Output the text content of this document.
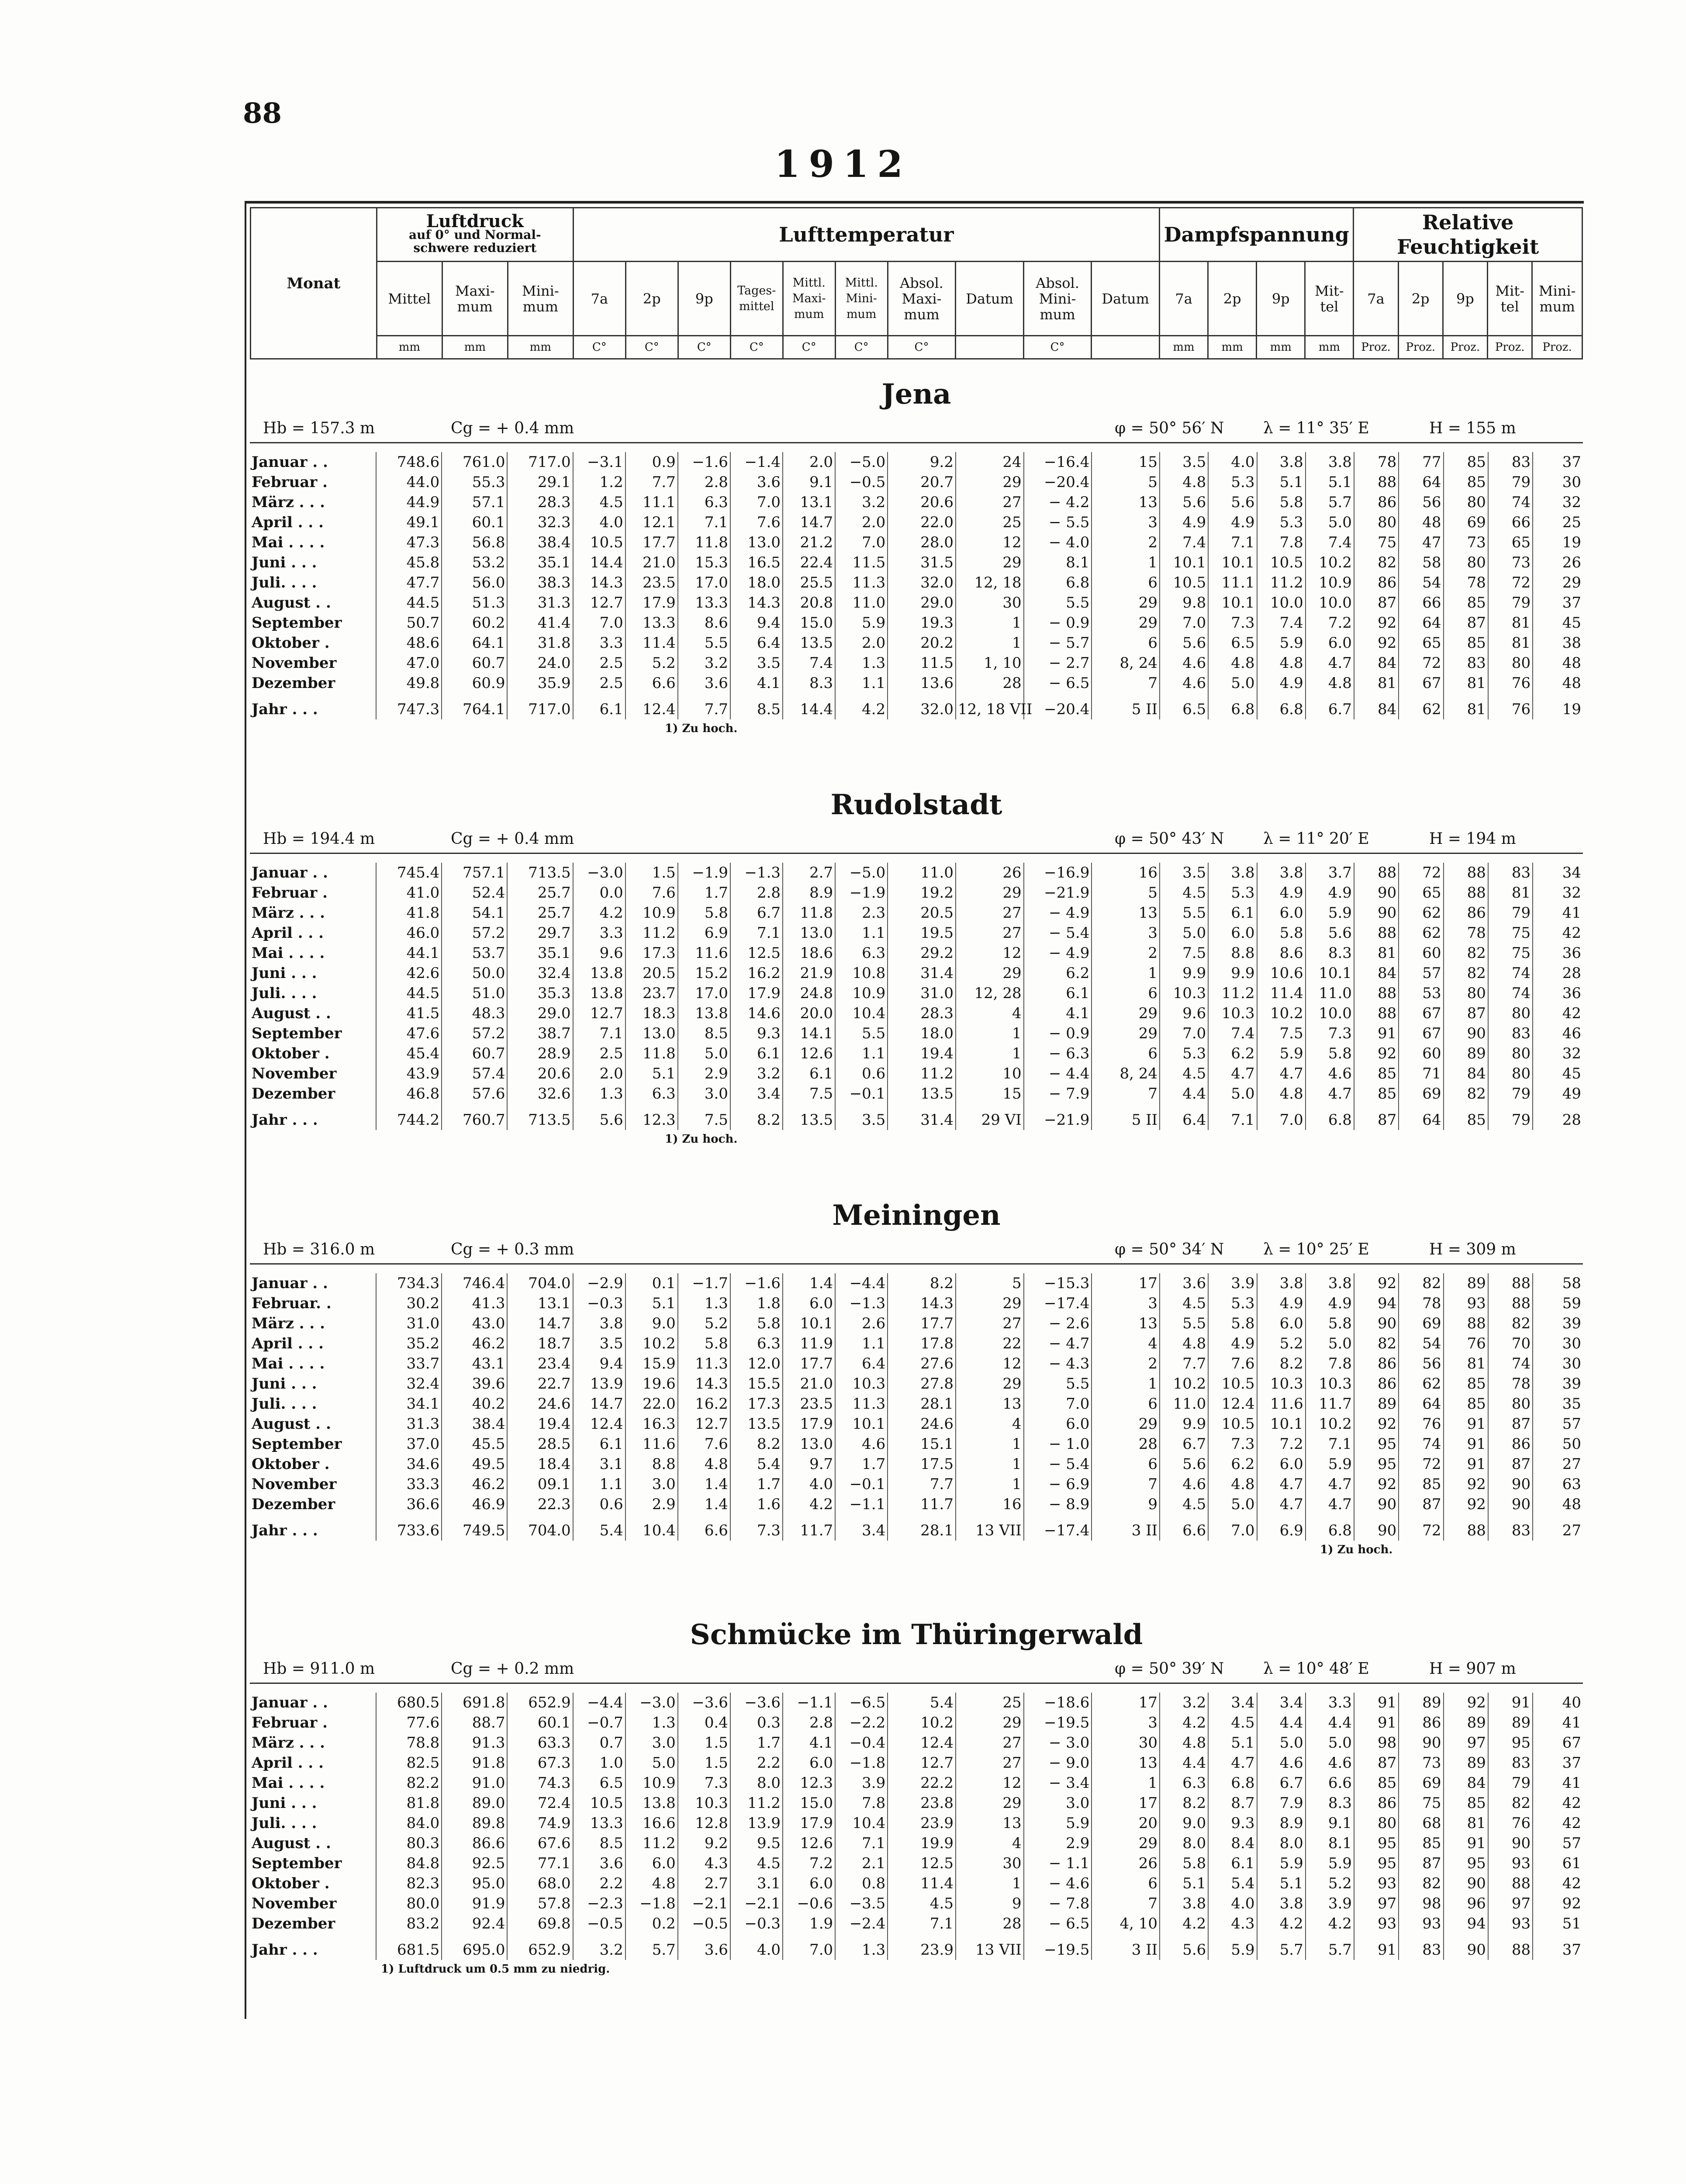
88
1912
Monat	Luftdruck
auf 0° und Normal-schwere reduziert			Lufttemperatur										Dampfspannung				Relative Feuchtigkeit				
	Mittel	Maxi-mum	Mini-mum	7a	2p	9p	Tages-mittel	Mittl. Maxi-mum	Mittl. Mini-mum	Absol. Maxi-mum	Datum	Absol. Mini-mum	Datum	7a	2p	9p	Mit-tel	7a	2p	9p	Mit-tel	Mini-mum
	mm	mm	mm	C°	C°	C°	C°	C°	C°	C°		C°		mm	mm	mm	mm	Proz.	Proz.	Proz.	Proz.	Proz.
Jena
Hb = 157.3 m	Cg = + 0.4 mm	φ = 50° 56′ N λ = 11° 35′ E	H = 155 m
Januar . .	748.6	761.0	717.0	−3.1	0.9	−1.6	−1.4	2.0	−5.0	9.2	24	−16.4	15	3.5	4.0	3.8	3.8	78	77	85	83	37
Februar .	44.0	55.3	29.1	1.2	7.7	2.8	3.6	9.1	−0.5	20.7	29	−20.4	5	4.8	5.3	5.1	5.1	88	64	85	79	30
März . . .	44.9	57.1	28.3	4.5	11.1	6.3	7.0	13.1	3.2	20.6	27	− 4.2	13	5.6	5.6	5.8	5.7	86	56	80	74	32
April . . .	49.1	60.1	32.3	4.0	12.1	7.1	7.6	14.7	2.0	22.0	25	− 5.5	3	4.9	4.9	5.3	5.0	80	48	69	66	25
Mai . . . .	47.3	56.8	38.4	10.5	17.7	11.8	13.0	21.2	7.0	28.0	12	− 4.0	2	7.4	7.1	7.8	7.4	75	47	73	65	19
Juni . . .	45.8	53.2	35.1	14.4	21.0	15.3	16.5	22.4	11.5	31.5	29	8.1	1	10.1	10.1	10.5	10.2	82	58	80	73	26
Juli. . . .	47.7	56.0	38.3	14.3	23.5	17.0	18.0	25.5	11.3	32.0	12, 18	6.8	6	10.5	11.1	11.2	10.9	86	54	78	72	29
August . .	44.5	51.3	31.3	12.7	17.9	13.3	14.3	20.8	11.0	29.0	30	5.5	29	9.8	10.1	10.0	10.0	87	66	85	79	37
September	50.7	60.2	41.4	7.0	13.3	8.6	9.4	15.0	5.9	19.3	1	− 0.9	29	7.0	7.3	7.4	7.2	92	64	87	81	45
Oktober .	48.6	64.1	31.8	3.3	11.4	5.5	6.4	13.5	2.0	20.2	1	− 5.7	6	5.6	6.5	5.9	6.0	92	65	85	81	38
November	47.0	60.7	24.0	2.5	5.2	3.2	3.5	7.4	1.3	11.5	1, 10	− 2.7	8, 24	4.6	4.8	4.8	4.7	84	72	83	80	48
Dezember	49.8	60.9	35.9	2.5	6.6	3.6	4.1	8.3	1.1	13.6	28	− 6.5	7	4.6	5.0	4.9	4.8	81	67	81	76	48
Jahr . . .	747.3	764.1	717.0	6.1	12.4	7.7	8.5	14.4	4.2	32.0	12, 18 VII	−20.4	5 II	6.5	6.8	6.8	6.7	84	62	81	76	19
1) Zu hoch.
Rudolstadt
Hb = 194.4 m	Cg = + 0.4 mm	φ = 50° 43′ N λ = 11° 20′ E	H = 194 m
Januar . .	745.4	757.1	713.5	−3.0	1.5	−1.9	−1.3	2.7	−5.0	11.0	26	−16.9	16	3.5	3.8	3.8	3.7	88	72	88	83	34
Februar .	41.0	52.4	25.7	0.0	7.6	1.7	2.8	8.9	−1.9	19.2	29	−21.9	5	4.5	5.3	4.9	4.9	90	65	88	81	32
März . . .	41.8	54.1	25.7	4.2	10.9	5.8	6.7	11.8	2.3	20.5	27	− 4.9	13	5.5	6.1	6.0	5.9	90	62	86	79	41
April . . .	46.0	57.2	29.7	3.3	11.2	6.9	7.1	13.0	1.1	19.5	27	− 5.4	3	5.0	6.0	5.8	5.6	88	62	78	75	42
Mai . . . .	44.1	53.7	35.1	9.6	17.3	11.6	12.5	18.6	6.3	29.2	12	− 4.9	2	7.5	8.8	8.6	8.3	81	60	82	75	36
Juni . . .	42.6	50.0	32.4	13.8	20.5	15.2	16.2	21.9	10.8	31.4	29	6.2	1	9.9	9.9	10.6	10.1	84	57	82	74	28
Juli. . . .	44.5	51.0	35.3	13.8	23.7	17.0	17.9	24.8	10.9	31.0	12, 28	6.1	6	10.3	11.2	11.4	11.0	88	53	80	74	36
August . .	41.5	48.3	29.0	12.7	18.3	13.8	14.6	20.0	10.4	28.3	4	4.1	29	9.6	10.3	10.2	10.0	88	67	87	80	42
September	47.6	57.2	38.7	7.1	13.0	8.5	9.3	14.1	5.5	18.0	1	− 0.9	29	7.0	7.4	7.5	7.3	91	67	90	83	46
Oktober .	45.4	60.7	28.9	2.5	11.8	5.0	6.1	12.6	1.1	19.4	1	− 6.3	6	5.3	6.2	5.9	5.8	92	60	89	80	32
November	43.9	57.4	20.6	2.0	5.1	2.9	3.2	6.1	0.6	11.2	10	− 4.4	8, 24	4.5	4.7	4.7	4.6	85	71	84	80	45
Dezember	46.8	57.6	32.6	1.3	6.3	3.0	3.4	7.5	−0.1	13.5	15	− 7.9	7	4.4	5.0	4.8	4.7	85	69	82	79	49
Jahr . . .	744.2	760.7	713.5	5.6	12.3	7.5	8.2	13.5	3.5	31.4	29 VI	−21.9	5 II	6.4	7.1	7.0	6.8	87	64	85	79	28
1) Zu hoch.
Meiningen
Hb = 316.0 m	Cg = + 0.3 mm	φ = 50° 34′ N λ = 10° 25′ E	H = 309 m
Januar . .	734.3	746.4	704.0	−2.9	0.1	−1.7	−1.6	1.4	−4.4	8.2	5	−15.3	17	3.6	3.9	3.8	3.8	92	82	89	88	58
Februar. .	30.2	41.3	13.1	−0.3	5.1	1.3	1.8	6.0	−1.3	14.3	29	−17.4	3	4.5	5.3	4.9	4.9	94	78	93	88	59
März . . .	31.0	43.0	14.7	3.8	9.0	5.2	5.8	10.1	2.6	17.7	27	− 2.6	13	5.5	5.8	6.0	5.8	90	69	88	82	39
April . . .	35.2	46.2	18.7	3.5	10.2	5.8	6.3	11.9	1.1	17.8	22	− 4.7	4	4.8	4.9	5.2	5.0	82	54	76	70	30
Mai . . . .	33.7	43.1	23.4	9.4	15.9	11.3	12.0	17.7	6.4	27.6	12	− 4.3	2	7.7	7.6	8.2	7.8	86	56	81	74	30
Juni . . .	32.4	39.6	22.7	13.9	19.6	14.3	15.5	21.0	10.3	27.8	29	5.5	1	10.2	10.5	10.3	10.3	86	62	85	78	39
Juli. . . .	34.1	40.2	24.6	14.7	22.0	16.2	17.3	23.5	11.3	28.1	13	7.0	6	11.0	12.4	11.6	11.7	89	64	85	80	35
August . .	31.3	38.4	19.4	12.4	16.3	12.7	13.5	17.9	10.1	24.6	4	6.0	29	9.9	10.5	10.1	10.2	92	76	91	87	57
September	37.0	45.5	28.5	6.1	11.6	7.6	8.2	13.0	4.6	15.1	1	− 1.0	28	6.7	7.3	7.2	7.1	95	74	91	86	50
Oktober .	34.6	49.5	18.4	3.1	8.8	4.8	5.4	9.7	1.7	17.5	1	− 5.4	6	5.6	6.2	6.0	5.9	95	72	91	87	27
November	33.3	46.2	09.1	1.1	3.0	1.4	1.7	4.0	−0.1	7.7	1	− 6.9	7	4.6	4.8	4.7	4.7	92	85	92	90	63
Dezember	36.6	46.9	22.3	0.6	2.9	1.4	1.6	4.2	−1.1	11.7	16	− 8.9	9	4.5	5.0	4.7	4.7	90	87	92	90	48
Jahr . . .	733.6	749.5	704.0	5.4	10.4	6.6	7.3	11.7	3.4	28.1	13 VII	−17.4	3 II	6.6	7.0	6.9	6.8	90	72	88	83	27
1) Zu hoch.
Schmücke im Thüringerwald
Hb = 911.0 m	Cg = + 0.2 mm	φ = 50° 39′ N λ = 10° 48′ E	H = 907 m
Januar . .	680.5	691.8	652.9	−4.4	−3.0	−3.6	−3.6	−1.1	−6.5	5.4	25	−18.6	17	3.2	3.4	3.4	3.3	91	89	92	91	40
Februar .	77.6	88.7	60.1	−0.7	1.3	0.4	0.3	2.8	−2.2	10.2	29	−19.5	3	4.2	4.5	4.4	4.4	91	86	89	89	41
März . . .	78.8	91.3	63.3	0.7	3.0	1.5	1.7	4.1	−0.4	12.4	27	− 3.0	30	4.8	5.1	5.0	5.0	98	90	97	95	67
April . . .	82.5	91.8	67.3	1.0	5.0	1.5	2.2	6.0	−1.8	12.7	27	− 9.0	13	4.4	4.7	4.6	4.6	87	73	89	83	37
Mai . . . .	82.2	91.0	74.3	6.5	10.9	7.3	8.0	12.3	3.9	22.2	12	− 3.4	1	6.3	6.8	6.7	6.6	85	69	84	79	41
Juni . . .	81.8	89.0	72.4	10.5	13.8	10.3	11.2	15.0	7.8	23.8	29	3.0	17	8.2	8.7	7.9	8.3	86	75	85	82	42
Juli. . . .	84.0	89.8	74.9	13.3	16.6	12.8	13.9	17.9	10.4	23.9	13	5.9	20	9.0	9.3	8.9	9.1	80	68	81	76	42
August . .	80.3	86.6	67.6	8.5	11.2	9.2	9.5	12.6	7.1	19.9	4	2.9	29	8.0	8.4	8.0	8.1	95	85	91	90	57
September	84.8	92.5	77.1	3.6	6.0	4.3	4.5	7.2	2.1	12.5	30	− 1.1	26	5.8	6.1	5.9	5.9	95	87	95	93	61
Oktober .	82.3	95.0	68.0	2.2	4.8	2.7	3.1	6.0	0.8	11.4	1	− 4.6	6	5.1	5.4	5.1	5.2	93	82	90	88	42
November	80.0	91.9	57.8	−2.3	−1.8	−2.1	−2.1	−0.6	−3.5	4.5	9	− 7.8	7	3.8	4.0	3.8	3.9	97	98	96	97	92
Dezember	83.2	92.4	69.8	−0.5	0.2	−0.5	−0.3	1.9	−2.4	7.1	28	− 6.5	4, 10	4.2	4.3	4.2	4.2	93	93	94	93	51
Jahr . . .	681.5	695.0	652.9	3.2	5.7	3.6	4.0	7.0	1.3	23.9	13 VII	−19.5	3 II	5.6	5.9	5.7	5.7	91	83	90	88	37
1) Luftdruck um 0.5 mm zu niedrig.
